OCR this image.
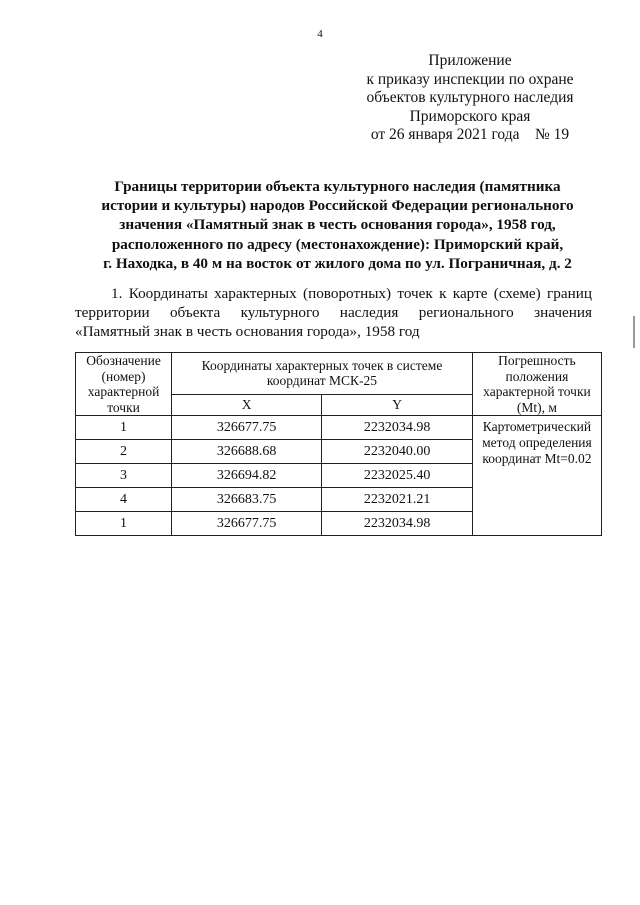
4
Приложение
к приказу инспекции по охране
объектов культурного наследия
Приморского края
от 26 января 2021 года    № 19
Границы территории объекта культурного наследия (памятника
истории и культуры) народов Российской Федерации регионального
значения «Памятный знак в честь основания города», 1958 год,
расположенного по адресу (местонахождение): Приморский край,
г. Находка, в 40 м на восток от жилого дома по ул. Пограничная, д. 2
1. Координаты характерных (поворотных) точек к карте (схеме) границ
территории объекта культурного наследия регионального значения
«Памятный знак в честь основания города», 1958 год
Обозначение (номер) характерной точки	Координаты характерных точек в системе координат МСК-25		Погрешность положения характерной точки (Mt), м
	X	Y	
1	326677.75	2232034.98	Картометрический метод определения координат Mt=0.02
2	326688.68	2232040.00	
3	326694.82	2232025.40	
4	326683.75	2232021.21	
1	326677.75	2232034.98	
